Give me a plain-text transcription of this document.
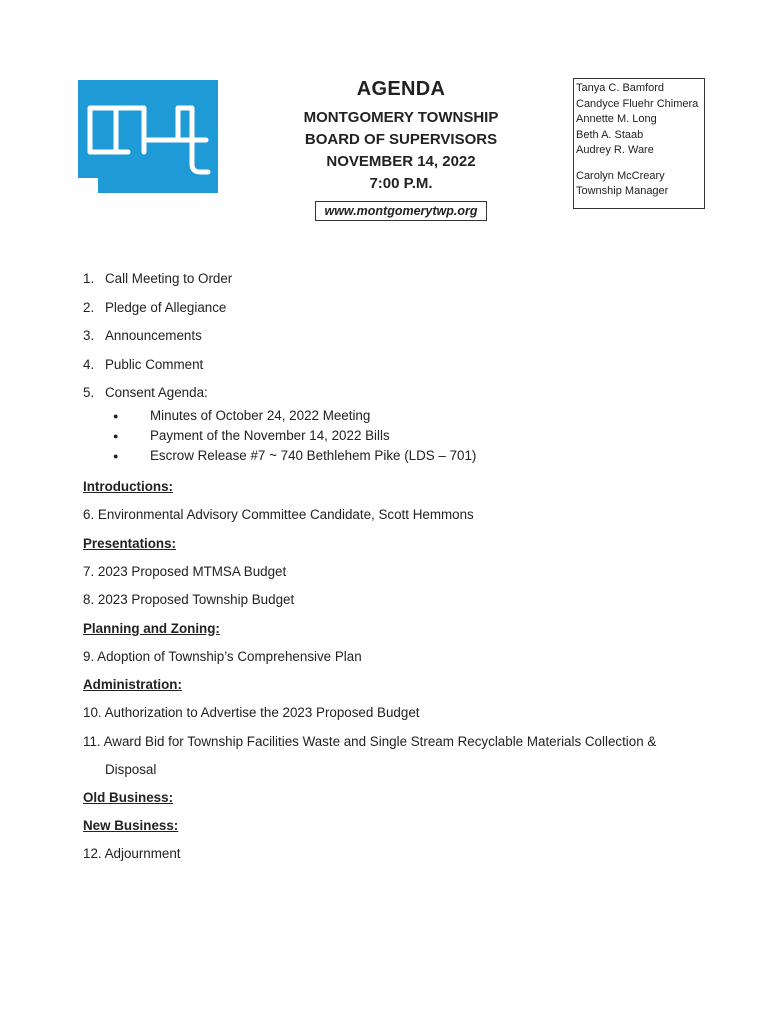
AGENDA
MONTGOMERY TOWNSHIP
BOARD OF SUPERVISORS
NOVEMBER 14, 2022
7:00 P.M.
www.montgomerytwp.org
Tanya C. Bamford
Candyce Fluehr Chimera
Annette M. Long
Beth A. Staab
Audrey R. Ware
Carolyn McCreary
Township Manager
1. Call Meeting to Order
2. Pledge of Allegiance
3. Announcements
4. Public Comment
5. Consent Agenda:
● Minutes of October 24, 2022 Meeting
● Payment of the November 14, 2022 Bills
● Escrow Release #7 ~ 740 Bethlehem Pike (LDS – 701)
Introductions:
6. Environmental Advisory Committee Candidate, Scott Hemmons
Presentations:
7. 2023 Proposed MTMSA Budget
8. 2023 Proposed Township Budget
Planning and Zoning:
9. Adoption of Township’s Comprehensive Plan
Administration:
10. Authorization to Advertise the 2023 Proposed Budget
11. Award Bid for Township Facilities Waste and Single Stream Recyclable Materials Collection &
Disposal
Old Business:
New Business:
12. Adjournment
